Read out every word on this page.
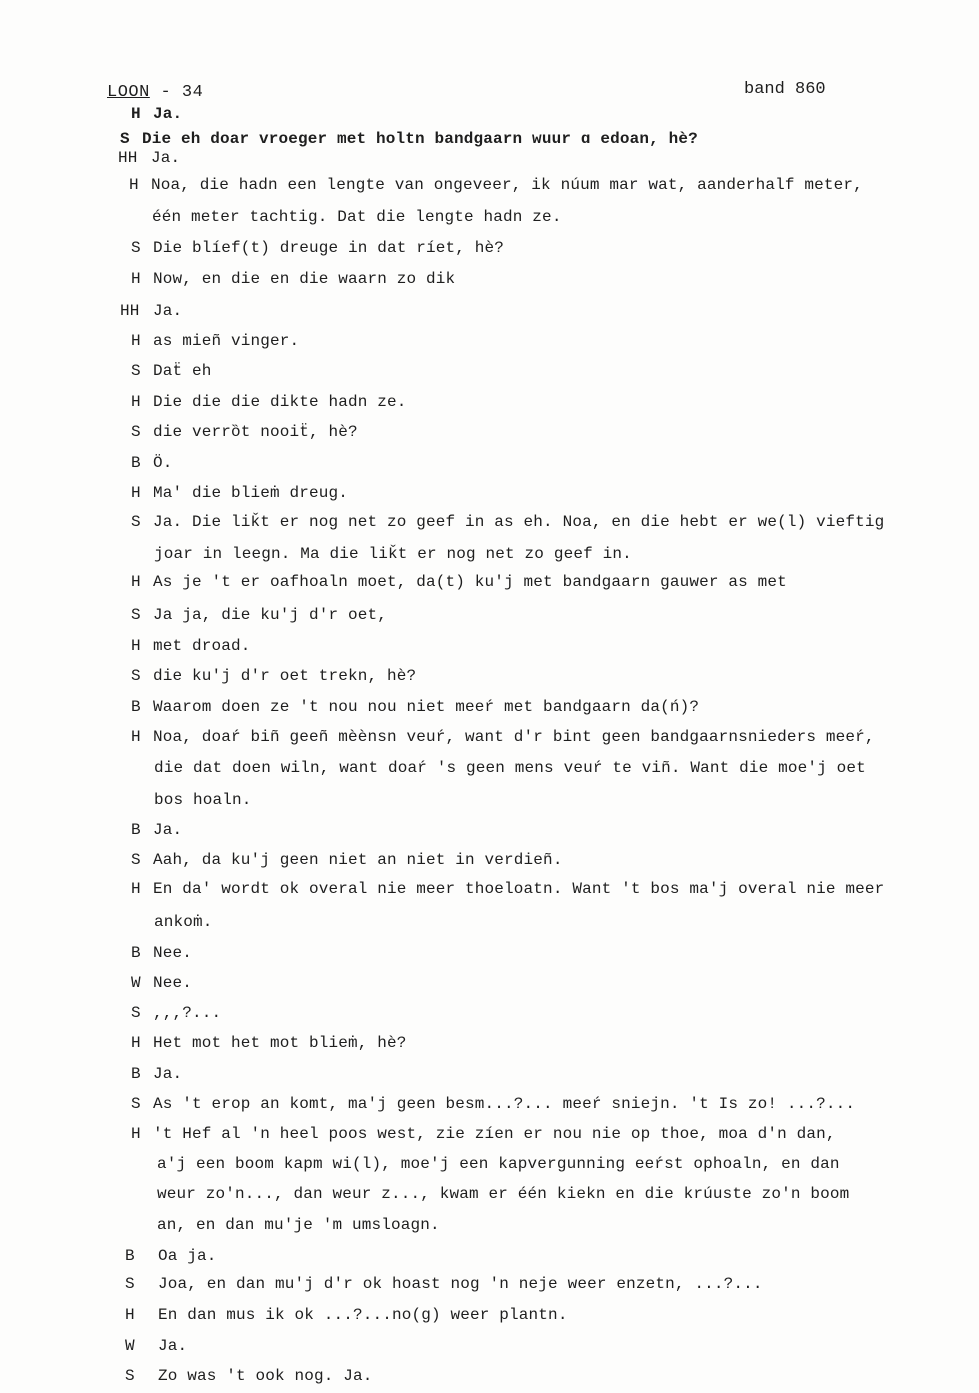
LOON - 34	band 860
H Ja.
S Die eh doar vroeger met holtn bandgaarn wuur ɑ edoan, hè?
HH Ja.
H Noa, die hadn een lengte van ongeveer, ik núum mar wat, aanderhalf meter,
één meter tachtig. Dat die lengte hadn ze.
S Die blíef(t) dreuge in dat ríet, hè?
H Now, en die en die waarn zo dik
HH Ja.
H as mieñ vinger.
S Daẗ eh
H Die die die dikte hadn ze.
S die verrȍt nooiẗ, hè?
B Ö.
H Ma' die blieṁ dreug.
S Ja. Die liǩt er nog net zo geef in as eh. Noa, en die hebt er we(l) vieftig
joar in leegn. Ma die liǩt er nog net zo geef in.
H As je 't er oafhoaln moet, da(t) ku'j met bandgaarn gauwer as met
S Ja ja, die ku'j d'r oet,
H met droad.
S die ku'j d'r oet trekn, hè?
B Waarom doen ze 't nou nou niet meeŕ met bandgaarn da(ń)?
H Noa, doaŕ biñ geeñ mèènsn veuŕ, want d'r bint geen bandgaarnsnieders meeŕ,
die dat doen wiln, want doaŕ 's geen mens veuŕ te viñ. Want die moe'j oet
bos hoaln.
B Ja.
S Aah, da ku'j geen niet an niet in verdieñ.
H En da' wordt ok overal nie meer thoeloatn. Want 't bos ma'j overal nie meer
ankoṁ.
B Nee.
W Nee.
S ,,,?...
H Het mot het mot blieṁ, hè?
B Ja.
S As 't erop an komt, ma'j geen besm...?... meeŕ sniejn. 't Is zo! ...?...
H 't Hef al 'n heel poos west, zie zíen er nou nie op thoe, moa d'n dan,
a'j een boom kapm wi(l), moe'j een kapvergunning eeŕst ophoaln, en dan
weur zo'n..., dan weur z..., kwam er één kiekn en die krúuste zo'n boom
an, en dan mu'je 'm umsloagn.
B Oa ja.
S Joa, en dan mu'j d'r ok hoast nog 'n neje weer enzetn, ...?...
H En dan mus ik ok ...?...no(g) weer plantn.
W Ja.
S Zo was 't ook nog. Ja.
